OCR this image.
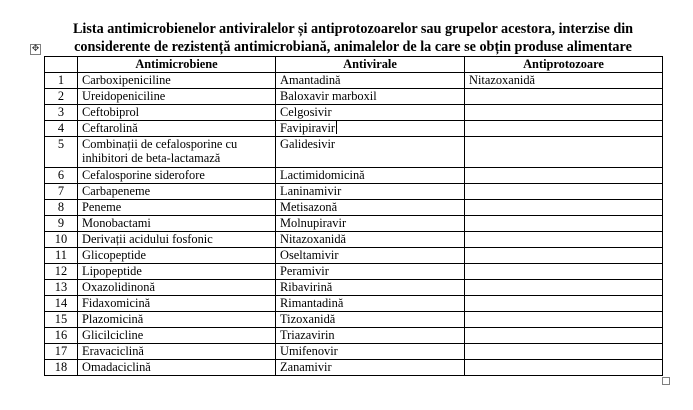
Lista antimicrobienelor antiviralelor și antiprotozoarelor sau grupelor acestora, interzise din
considerente de rezistență antimicrobiană, animalelor de la care se obțin produse alimentare
✥
	Antimicrobiene	Antivirale	Antiprotozoare
1	Carboxipeniciline	Amantadină	Nitazoxanidă
2	Ureidopeniciline	Baloxavir marboxil	
3	Ceftobiprol	Celgosivir	
4	Ceftarolină	Favipiravir	
5	Combinații de cefalosporine cu inhibitori de beta-lactamază	Galidesivir	
6	Cefalosporine siderofore	Lactimidomicină	
7	Carbapeneme	Laninamivir	
8	Peneme	Metisazonă	
9	Monobactami	Molnupiravir	
10	Derivații acidului fosfonic	Nitazoxanidă	
11	Glicopeptide	Oseltamivir	
12	Lipopeptide	Peramivir	
13	Oxazolidinonă	Ribavirină	
14	Fidaxomicină	Rimantadină	
15	Plazomicină	Tizoxanidă	
16	Glicilcicline	Triazavirin	
17	Eravaciclină	Umifenovir	
18	Omadaciclină	Zanamivir	
